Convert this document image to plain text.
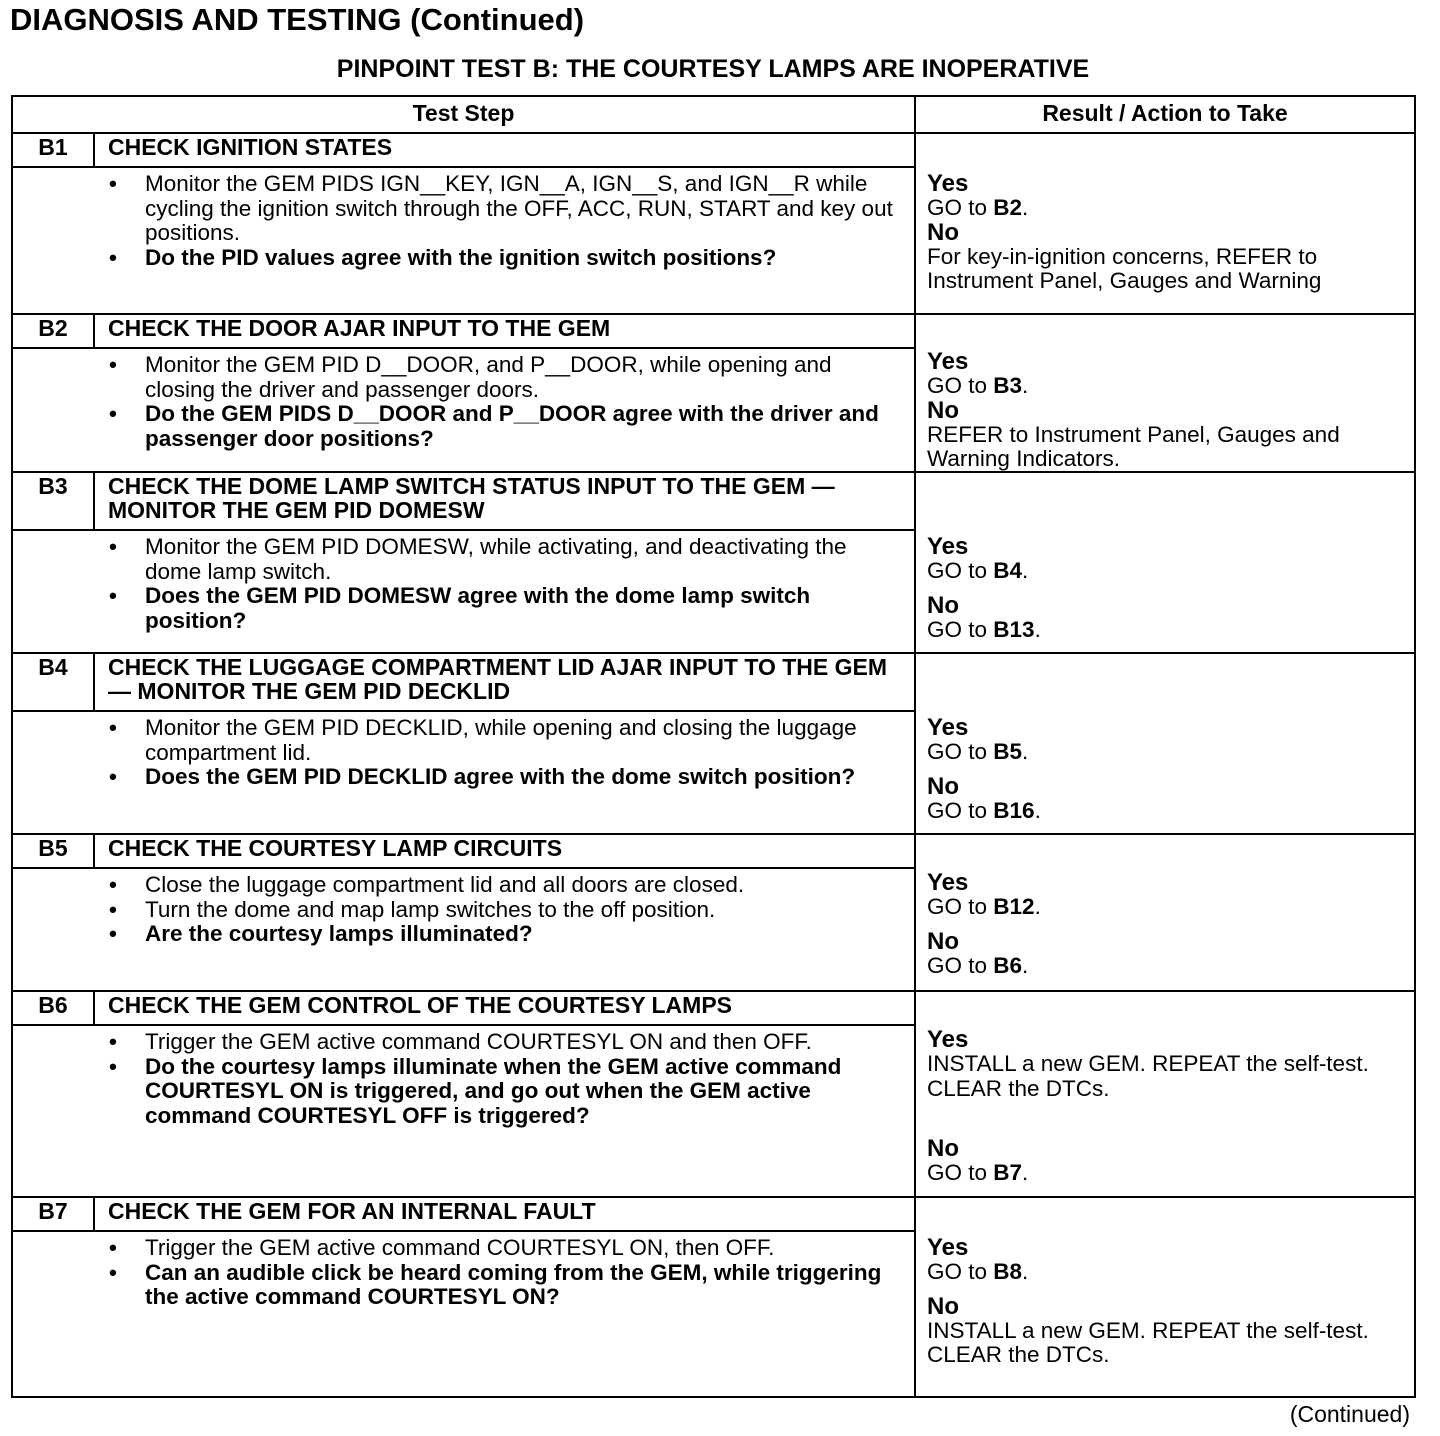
DIAGNOSIS AND TESTING (Continued)
PINPOINT TEST B: THE COURTESY LAMPS ARE INOPERATIVE
Test Step	Result / Action to Take
B1	CHECK IGNITION STATES
• Monitor the GEM PIDS IGN__KEY, IGN__A, IGN__S, and IGN__R while cycling the ignition switch through the OFF, ACC, RUN, START and key out positions.
• Do the PID values agree with the ignition switch positions?
Yes
GO to B2.
No
For key-in-ignition concerns, REFER to Instrument Panel, Gauges and Warning
B2	CHECK THE DOOR AJAR INPUT TO THE GEM
• Monitor the GEM PID D__DOOR, and P__DOOR, while opening and closing the driver and passenger doors.
• Do the GEM PIDS D__DOOR and P__DOOR agree with the driver and passenger door positions?
Yes
GO to B3.
No
REFER to Instrument Panel, Gauges and Warning Indicators.
B3	CHECK THE DOME LAMP SWITCH STATUS INPUT TO THE GEM — MONITOR THE GEM PID DOMESW
• Monitor the GEM PID DOMESW, while activating, and deactivating the dome lamp switch.
• Does the GEM PID DOMESW agree with the dome lamp switch position?
Yes
GO to B4.
No
GO to B13.
B4	CHECK THE LUGGAGE COMPARTMENT LID AJAR INPUT TO THE GEM — MONITOR THE GEM PID DECKLID
• Monitor the GEM PID DECKLID, while opening and closing the luggage compartment lid.
• Does the GEM PID DECKLID agree with the dome switch position?
Yes
GO to B5.
No
GO to B16.
B5	CHECK THE COURTESY LAMP CIRCUITS
• Close the luggage compartment lid and all doors are closed.
• Turn the dome and map lamp switches to the off position.
• Are the courtesy lamps illuminated?
Yes
GO to B12.
No
GO to B6.
B6	CHECK THE GEM CONTROL OF THE COURTESY LAMPS
• Trigger the GEM active command COURTESYL ON and then OFF.
• Do the courtesy lamps illuminate when the GEM active command COURTESYL ON is triggered, and go out when the GEM active command COURTESYL OFF is triggered?
Yes
INSTALL a new GEM. REPEAT the self-test. CLEAR the DTCs.
No
GO to B7.
B7	CHECK THE GEM FOR AN INTERNAL FAULT
• Trigger the GEM active command COURTESYL ON, then OFF.
• Can an audible click be heard coming from the GEM, while triggering the active command COURTESYL ON?
Yes
GO to B8.
No
INSTALL a new GEM. REPEAT the self-test. CLEAR the DTCs.
(Continued)
